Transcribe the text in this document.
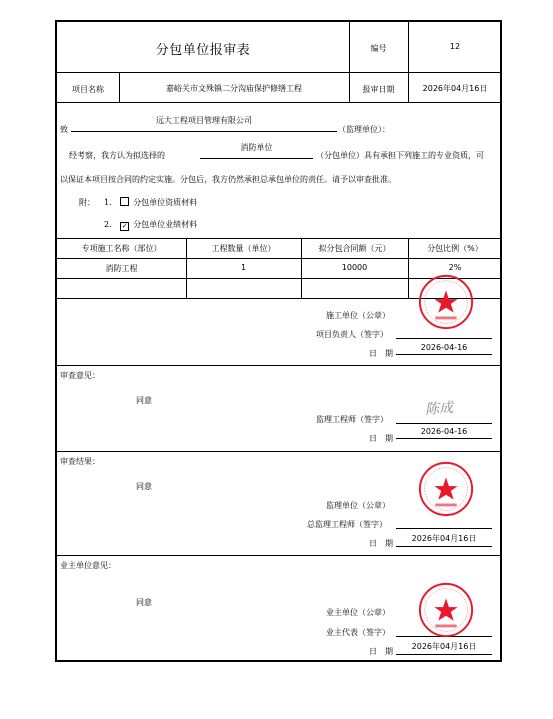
分包单位报审表	编号	12
项目名称	嘉峪关市文殊镇二分沟庙保护修缮工程	报审日期	2026年04月16日
致
远大工程项目管理有限公司
（监理单位）：
经考察，我方认为拟选择的
消防单位
（分包单位）具有承担下列施工的专业资质，可
以保证本项目按合同的约定实施。分包后，我方仍然承担总承包单位的责任。请予以审查批准。
附： 1.	分包单位资质材料
2. ✓ 分包单位业绩材料
专项施工名称（部位）	工程数量（单位）	拟分包合同额（元）	分包比例（%）
消防工程	1	10000	2%
施工单位（公章）
项目负责人（签字）
日　期
2026-04-16
审查意见：
同意
监理工程师（签字）
日　期
2026-04-16
陈成
审查结果：
同意
监理单位（公章）
总监理工程师（签字）
日　期
2026年04月16日
业主单位意见：
同意
业主单位（公章）
业主代表（签字）
日　期
2026年04月16日
